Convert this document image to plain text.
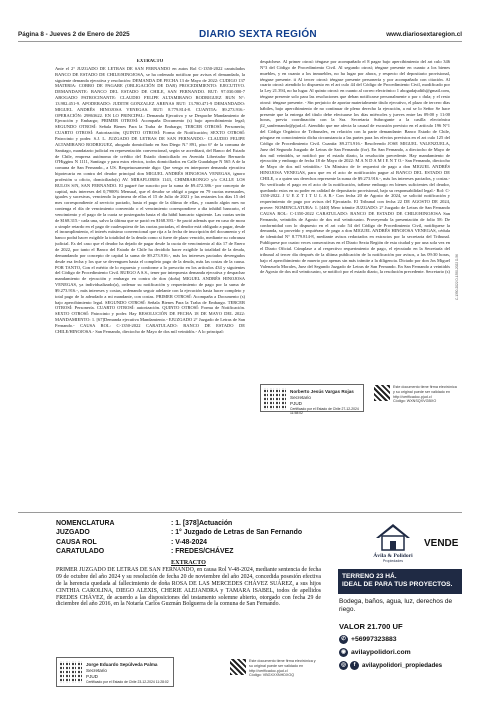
Página 8 - Jueves 2 de Enero de 2025	DIARIO SEXTA REGIÓN	www.diariosextaregion.cl
EXTRACTO
Ante el 2° JUZGADO DE LETRAS DE SAN FERNANDO en autos Rol C-1350-2022 caratulados BANCO DE ESTADO DE CHILE/HINOJOSA, se ha ordenado notificar por avisos el demandado, la siguiente demanda ejecutiva y resolución: DEMANDA DE FECHA 13 de Mayo de 2022: CUDIGO 137 MATERIA: COBRO DE PAGARE (OBLIGACIÓN DE DAR) PROCEDIMIENTO: EJECUTIVO. DEMANDANTE: BANCO DEL ESTADO DE CHILE, SAN FERNANDO. RUT: 97.030.000-7 ABOGADO PATROCINANTE: CLAUDIO FELIPE ALTAMIRANO RODRIGUEZ RUN N°: 13.982.451-9. APODERADO: JUDITH GONZALEZ ARENAS RUT: 13.780.471-9 DEMANDADO: MIGUEL ANDRÉS HINOJOSA VENEGAS. RUT: 8.779.814-8. CUANTIA: $9.273.916.- OPERACIÓN: 29863622. EN LO PRINCIPAL: Demanda Ejecutiva y se Despache Mandamiento de Ejecución y Embargo; PRIMER OTROSÍ: Acompaña Documento (s) bajo apercibimiento legal; SEGUNDO OTROSÍ: Señala Bienes Para la Traba de Embargo; TERCER OTROSÍ: Personería; CUARTO OTROSÍ: Autorización; QUINTO OTROSÍ: Forma de Notificación; SEXTO OTROSÍ: Patrocinio y poder. S.J. L. JUZGADO DE LETRAS DE SAN FERNANDO.- CLAUDIO FELIPE ALTAMIRANO RODRIGUEZ, abogado domiciliado en San Diego N.º 891, piso 6° de la comuna de Santiago, mandatario judicial en representación convencional, según se acreditará, del Banco del Estado de Chile, empresa autónoma de crédito del Estado domiciliado en Avenida Libertador Bernardo O'Higgins N 1111, Santiago y para estos efectos, todos domiciliados en Calle Guadalupe N 565 A de la comuna de San Fernando., a US. Respetuosamente digo: Que vengo en interponer demanda ejecutiva hipotecaria en contra del deudor principal don MIGUEL ANDRÉS HINOJOSA VENEGAS, ignoro profesión u oficio, domiciliado(s) AV. MIRAFLORES 1143, CHIMBARONGO y/o CALLE LOS RULOS S/N, SAN FERNANDO. El pagaré fue suscrito por la suma de $9.472.386.- por concepto de capital, más intereses del 0,7900% Mensual, que el deudor se obligó a pagar en 79 cuotas mensuales, iguales y sucesivas, venciendo la primera de ellas el 15 de Julio de 2021 y las restantes los días 15 del mes correspondiente al servicio pactado, hasta el pago de la última de ellas, y cuando algún mes no contenga el día de vencimiento convenido o el vencimiento correspondiere a día inhábil bancario, el vencimiento y el pago de la cuota se postergarán hasta el día hábil bancario siguiente. Las cuotas serán de $168.315.- cada una, salvo la última que se pactó en $168.393.- Se pactó además que en caso de mora o simple retardo en el pago de cualesquiera de las cuotas pactadas, el deudor está obligado a pagar, desde el incumplimiento, el interés máximo convencional que rija a la fecha de inscripción del documento y el banco podrá hacer exigible la totalidad de la deuda como si fuere de plazo vencido, mediante su cobranza judicial. Es del caso que el deudor ha dejado de pagar desde la cuota de vencimiento al día 17 de Enero de 2022, por tanto el Banco del Estado de Chile ha decidido hacer exigible la totalidad de la deuda, demandando por concepto de capital la suma de $9.273.916.-, más los intereses pactados devengados desde esa fecha y los que se devenguen hasta el completo pago de la deuda, más las costas de la causa. POR TANTO, Con el mérito de lo expuesto y conforme a lo prescrito en los artículos 434 y siguientes del Código de Procedimiento Civil. RUEGO A S.S., tener por interpuesta demanda ejecutiva y despachar mandamiento de ejecución y embargo en contra de don (doña) MIGUEL ANDRÉS HINOJOSA VENEGAS, ya individualizado(a), ordenar su notificación y requerimiento de pago por la suma de $9.273.916.-, más intereses y costas, ordenando seguir adelante con la ejecución hasta hacer completo y total pago de lo adeudado a mi mandante, con costas. PRIMER OTROSÍ: Acompaña a Documento (s) bajo apercibimiento legal. SEGUNDO OTROSÍ: Señala Bienes Para la Traba de Embargo. TERCER OTROSÍ: Personería. CUARTO OTROSÍ: autorización. QUINTO OTROSÍ: Forma de Notificación. SEXTO OTROSÍ: Patrocinio y poder. Hay RESOLUCIÓN DE FECHA 18 DE MAYO DEL 2022: MANDAMIENTO: 1. [67]Demanda ejecutiva Mandamiento.- EJUZGADO 2° Juzgado de Letras de San Fernando.- CAUSA ROL: C-1350-2022 CARATULADO: BANCO DE ESTADO DE CHILE/HINOJOSA.- San Fernando, dieciocho de Mayo de dos mil veintidós.- A lo principal:
despáchese. Al primer otrosí: téngase por acompañado el 8 pagar bajo apercibimiento del art culo 346 N°3 del Código de Procedimiento Civil. Al segundo otrosí; téngase presente en cuanto a los bienes muebles, y en cuanto a los inmuebles, no ha lugar por ahora, y respecto del depositario provisional, téngase presente. ii Al tercer otrosí: téngase presente personería y por acompañado con citación. Al cuarto otrosí: atendido lo dispuesto en el art culo 44 del Código de Procedimiento Civil, modificado por la Ley 21.394, no ha lugar. Al quinto otrosí: en cuanto al correo electrónico 1 abogadajudith@gmail.com, téngase presente solo para las resoluciones que deban notificarse personalmente o por c dula; y el resto otrosí: téngase presente. - Sin perjuicio de aportar materialmente título ejecutivo, el plazo de tercero días hábiles, bajo apercibimiento de no continuar de pleno derecho la ejecución, a mí se lo Señor Se hace presente que la entrega del título debe efectuarse los días miércoles y jueves entre las 09:00 y 11:00 horas, previa coordinación con la Sra. Secretaria Subrogante a la casilla electrónica jl2_sanfernando@pjud.cl. Atendido que me afecta la causal de excusión previsto en el artículo 196 N°1 del Código Orgánico de Tribunales, en relación con la parte demandante: Banco Estado de Chile, póngase en conocimiento dicha circunstancia a las partes para los efectos previstos en el art culo 125 del Código de Procedimiento Civil. Cuantía: $9.273.916.- Resolvendo JOSE MIGUEL VALENZUELA, Juez del Segundo Juzgado de Letras de San Fernando (for). En San Fernando, a dieciocho de Mayo de dos mil veintidós, se notificó por el estado diario, la resolución precedente. Hay mandamiento de ejecución y embargo de fecha 18 de Mayo de 2022: M A N D A M I E N T O.- San Fernando, dieciocho de Mayo de dos mil veintidós.- Un Ministro de fe requerirá de pago a don MIGUEL ANDRÉS HINOJOSA VENEGAS, para que en el acto de notificación pague al BANCO DEL ESTADO DE CHILE, o a quien sus derechos represente la suma de $9.273.916.-, más los intereses pactados, y costas.- No verificado el pago en el acto de la notificación, trábese embargo en bienes suficientes del deudor, quedando estos en su poder en calidad de depositario provisional, bajo su responsabilidad legal.- Rol: C-1350-2022. J U E Z T I T U L A R.- Con fecha 20 de Agosto de 2024, se solicitó notificación y requerimiento de pago por avisos del Ejecutado. El Tribunal con fecha 22 DE AGOSTO DE 2024, provee: NOMENCLATURA: 1. [440] Mero trámite JUZGADO: 2° Juzgado de Letras de San Fernando CAUSA ROL: C-1350-2022 CARATULADO: BANCO DE ESTADO DE CHILE/HINOJOSA San Fernando, veintidós de Agosto de dos mil veinticuatro. Proveyendo la presentación de folio 58: De conformidad con lo dispuesto en el art culo 54 del Código de Procedimiento Civil, notifíquese la demanda, su proveído y requiérase de pago a don MIGUEL ANDRÉS HINOJOSA VENEGAS, cédula de identidad N° 8.779.814-8, mediante avisos redactados en extractos por la secretaria del Tribunal. Publíquese por cuatro veces consecutivas en el Diario Sexta Región de esta ciudad y por una sola vez en el Diario Oficial. Cúmplase a al respectivo requerimiento de pago, el ejecutado en la Secretaría del tribunal al tercer día después de la última publicación de la notificación por avisos, a las 09:30 horas, bajo el apercibimiento de muerto por apenas sin más trámite a la diligencia. Dictado por don Jos Miguel Valenzuela Morales, Juez del Segundo Juzgado de Letras de San Fernando. En San Fernando a veintidós de Agosto de dos mil veinticuatro, se notificó por el estado diario, la resolución precedente. Secretario (s)
Norberto Jesús Vargas Rojas
Secretario
PJUD
Certificado por el Estado de Chile 27-12-2024 11:58:02
Este documento tiene firma electrónica y su original puede ser validado en http://verificadoc.pjud.cl
Código: WXNSQXVGBXO
C-1350-2022 D-1350-2022 D-56
NOMENCLATURA	: 1. [378]Actuación
JUZGADO	: 1° Juzgado de Letras de San Fernando
CAUSA ROL	: V-48-2024
CARATULADO	: FREDES/CHÁVEZ
EXTRACTO
PRIMER JUZGADO DE LETRAS DE SAN FERNANDO, en causa Rol V-48-2024, mediante sentencia de fecha 09 de octubre del año 2024 y su resolución de fecha 20 de noviembre del año 2024, concedida posesión efectiva de la herencia quedada al fallecimiento de doña ROSA DE LAS MERCEDES CHÁVEZ SUÁREZ, a sus hijos CINTHIA CAROLINA, DIEGO ALEXIS, CHERIE ALEJANDRA y TAMARA ISABEL, todos de apellidos FREDES CHÁVEZ, de acuerdo a las disposiciones del testamento solemne abierto, otorgado con fecha 29 de diciembre del año 2016, en la Notaría Carlos Guzmán Bolguerra de la comuna de San Fernando.
Jorge Eduardo Sepúlveda Palma
Secretario
PJUD
Certificado por el Estado de Chile 23-12-2024 11:28:02
Este documento tiene firma electrónica y su original puede ser validado en http://verificadoc.pjud.cl
Código: VBGXXXNHDXOQ
Ávila & Polidori
Propiedades
VENDE
TERRENO 23 HÁ.
IDEAL DE PARA TUS PROYECTOS.
Bodega, baños, agua, luz, derechos de riego.
VALOR 21.700 UF
✆ +56997323883
◉ avilaypolidori.com
◎	f	avilaypolidori_propiedades
